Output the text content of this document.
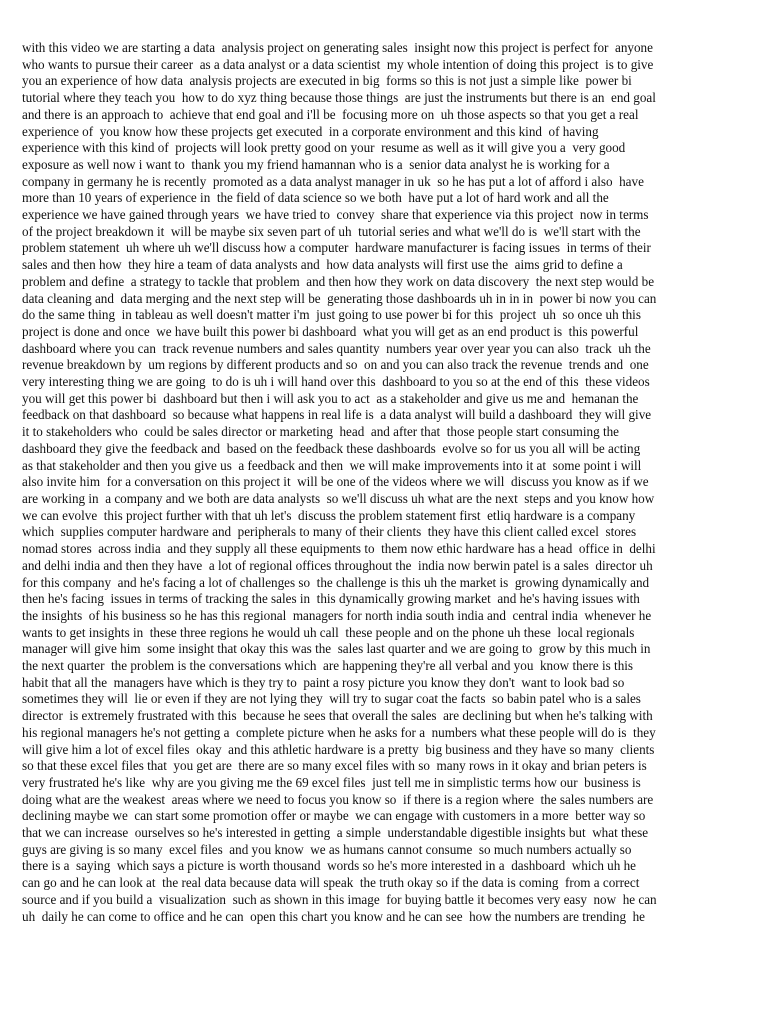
with this video we are starting a data  analysis project on generating sales  insight now this project is perfect for  anyone
who wants to pursue their career  as a data analyst or a data scientist  my whole intention of doing this project  is to give
you an experience of how data  analysis projects are executed in big  forms so this is not just a simple like  power bi
tutorial where they teach you  how to do xyz thing because those things  are just the instruments but there is an  end goal
and there is an approach to  achieve that end goal and i'll be  focusing more on  uh those aspects so that you get a real
experience of  you know how these projects get executed  in a corporate environment and this kind  of having
experience with this kind of  projects will look pretty good on your  resume as well as it will give you a  very good
exposure as well now i want to  thank you my friend hamannan who is a  senior data analyst he is working for a
company in germany he is recently  promoted as a data analyst manager in uk  so he has put a lot of afford i also  have
more than 10 years of experience in  the field of data science so we both  have put a lot of hard work and all the
experience we have gained through years  we have tried to  convey  share that experience via this project  now in terms
of the project breakdown it  will be maybe six seven part of uh  tutorial series and what we'll do is  we'll start with the
problem statement  uh where uh we'll discuss how a computer  hardware manufacturer is facing issues  in terms of their
sales and then how  they hire a team of data analysts and  how data analysts will first use the  aims grid to define a
problem and define  a strategy to tackle that problem  and then how they work on data discovery  the next step would be
data cleaning and  data merging and the next step will be  generating those dashboards uh in in in  power bi now you can
do the same thing  in tableau as well doesn't matter i'm  just going to use power bi for this  project  uh  so once uh this
project is done and once  we have built this power bi dashboard  what you will get as an end product is  this powerful
dashboard where you can  track revenue numbers and sales quantity  numbers year over year you can also  track  uh the
revenue breakdown by  um regions by different products and so  on and you can also track the revenue  trends and  one
very interesting thing we are going  to do is uh i will hand over this  dashboard to you so at the end of this  these videos
you will get this power bi  dashboard but then i will ask you to act  as a stakeholder and give us me and  hemanan the
feedback on that dashboard  so because what happens in real life is  a data analyst will build a dashboard  they will give
it to stakeholders who  could be sales director or marketing  head  and after that  those people start consuming the
dashboard they give the feedback and  based on the feedback these dashboards  evolve so for us you all will be acting
as that stakeholder and then you give us  a feedback and then  we will make improvements into it at  some point i will
also invite him  for a conversation on this project it  will be one of the videos where we will  discuss you know as if we
are working in  a company and we both are data analysts  so we'll discuss uh what are the next  steps and you know how
we can evolve  this project further with that uh let's  discuss the problem statement first  etliq hardware is a company
which  supplies computer hardware and  peripherals to many of their clients  they have this client called excel  stores
nomad stores  across india  and they supply all these equipments to  them now ethic hardware has a head  office in  delhi
and delhi india and then they have  a lot of regional offices throughout the  india now berwin patel is a sales  director uh
for this company  and he's facing a lot of challenges so  the challenge is this uh the market is  growing dynamically and
then he's facing  issues in terms of tracking the sales in  this dynamically growing market  and he's having issues with
the insights  of his business so he has this regional  managers for north india south india and  central india  whenever he
wants to get insights in  these three regions he would uh call  these people and on the phone uh these  local regionals
manager will give him  some insight that okay this was the  sales last quarter and we are going to  grow by this much in
the next quarter  the problem is the conversations which  are happening they're all verbal and you  know there is this
habit that all the  managers have which is they try to  paint a rosy picture you know they don't  want to look bad so
sometimes they will  lie or even if they are not lying they  will try to sugar coat the facts  so babin patel who is a sales
director  is extremely frustrated with this  because he sees that overall the sales  are declining but when he's talking with
his regional managers he's not getting a  complete picture when he asks for a  numbers what these people will do is  they
will give him a lot of excel files  okay  and this athletic hardware is a pretty  big business and they have so many  clients
so that these excel files that  you get are  there are so many excel files with so  many rows in it okay and brian peters is
very frustrated he's like  why are you giving me the 69 excel files  just tell me in simplistic terms how our  business is
doing what are the weakest  areas where we need to focus you know so  if there is a region where  the sales numbers are
declining maybe we  can start some promotion offer or maybe  we can engage with customers in a more  better way so
that we can increase  ourselves so he's interested in getting  a simple  understandable digestible insights but  what these
guys are giving is so many  excel files  and you know  we as humans cannot consume  so much numbers actually so
there is a  saying  which says a picture is worth thousand  words so he's more interested in a  dashboard  which uh he
can go and he can look at  the real data because data will speak  the truth okay so if the data is coming  from a correct
source and if you build a  visualization  such as shown in this image  for buying battle it becomes very easy  now  he can
uh  daily he can come to office and he can  open this chart you know and he can see  how the numbers are trending  he
